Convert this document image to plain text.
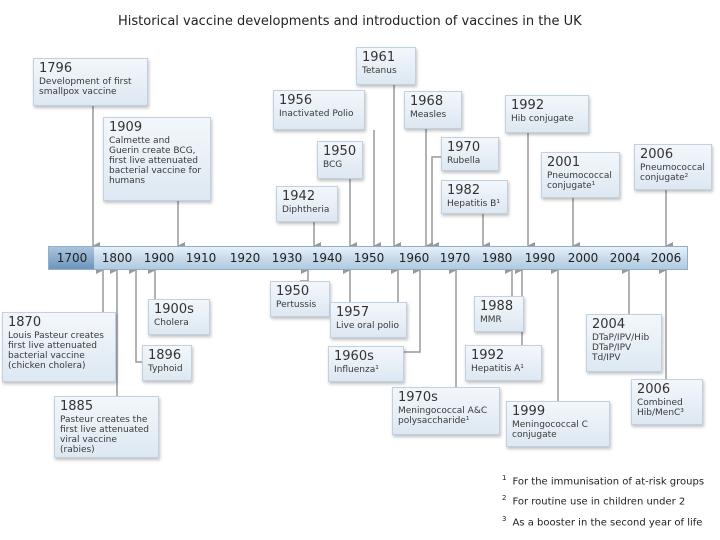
Historical vaccine developments and introduction of vaccines in the UK
1700 1800 1900 1910 1920 1930 1940 1950 1960 1970 1980 1990 2000 2004 2006
1796
Development of first
smallpox vaccine
1909
Calmette and
Guerin create BCG,
first live attenuated
bacterial vaccine for
humans
1942
Diphtheria
1950
BCG
1956
Inactivated Polio
1961
Tetanus
1968
Measles
1970
Rubella
1982
Hepatitis B¹
1992
Hib conjugate
2001
Pneumococcal
conjugate¹
2006
Pneumococcal
conjugate²
1870
Louis Pasteur creates
first live attenuated
bacterial vaccine
(chicken cholera)
1885
Pasteur creates the
first live attenuated
viral vaccine (rabies)
1896
Typhoid
1900s
Cholera
1950
Pertussis	1957
Live oral polio
1960s
Influenza¹
1970s
Meningococcal A&C
polysaccharide¹
1988
MMR
1992
Hepatitis A¹
1999
Meningococcal C
conjugate
2004
DTaP/IPV/Hib
DTaP/IPV
Td/IPV
2006
Combined
Hib/MenC³
$^1$ For the immunisation of at-risk groups
$^2$ For routine use in children under 2
$^3$ As a booster in the second year of life
